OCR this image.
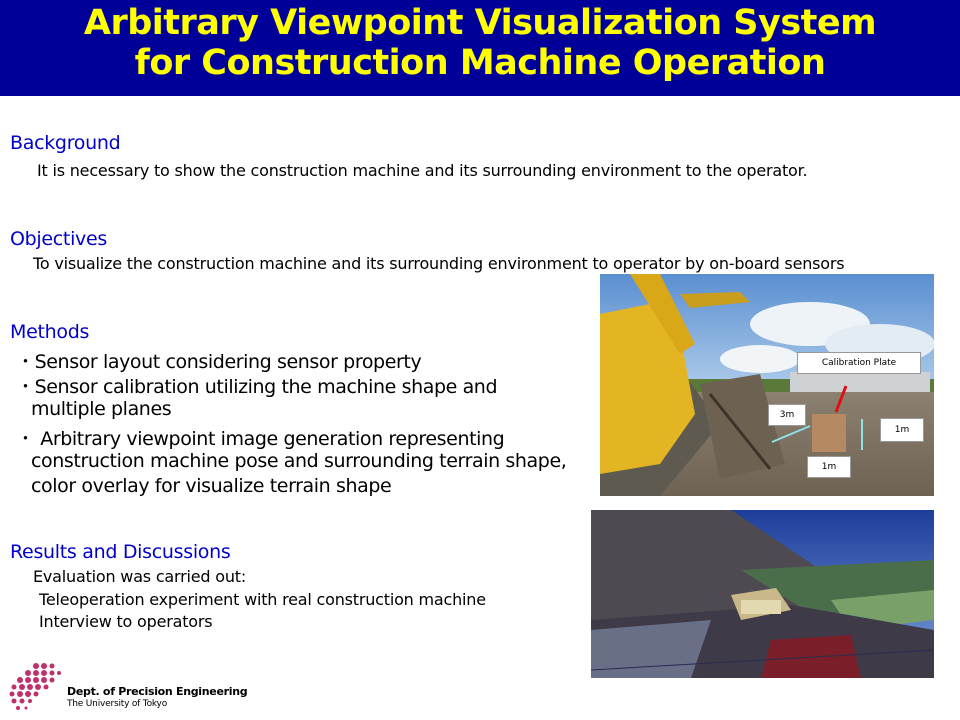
Arbitrary Viewpoint Visualization System
for Construction Machine Operation
Background
It is necessary to show the construction machine and its surrounding environment to the operator.
Objectives
To visualize the construction machine and its surrounding environment to operator by on-board sensors
Methods
・Sensor layout considering sensor property
・Sensor calibration utilizing the machine shape and
multiple planes
・ Arbitrary viewpoint image generation representing
construction machine pose and surrounding terrain shape,
color overlay for visualize terrain shape
Results and Discussions
Evaluation was carried out:
Teleoperation experiment with real construction machine
Interview to operators
Calibration Plate
3m
1m
1m
Dept. of Precision Engineering
The University of Tokyo
